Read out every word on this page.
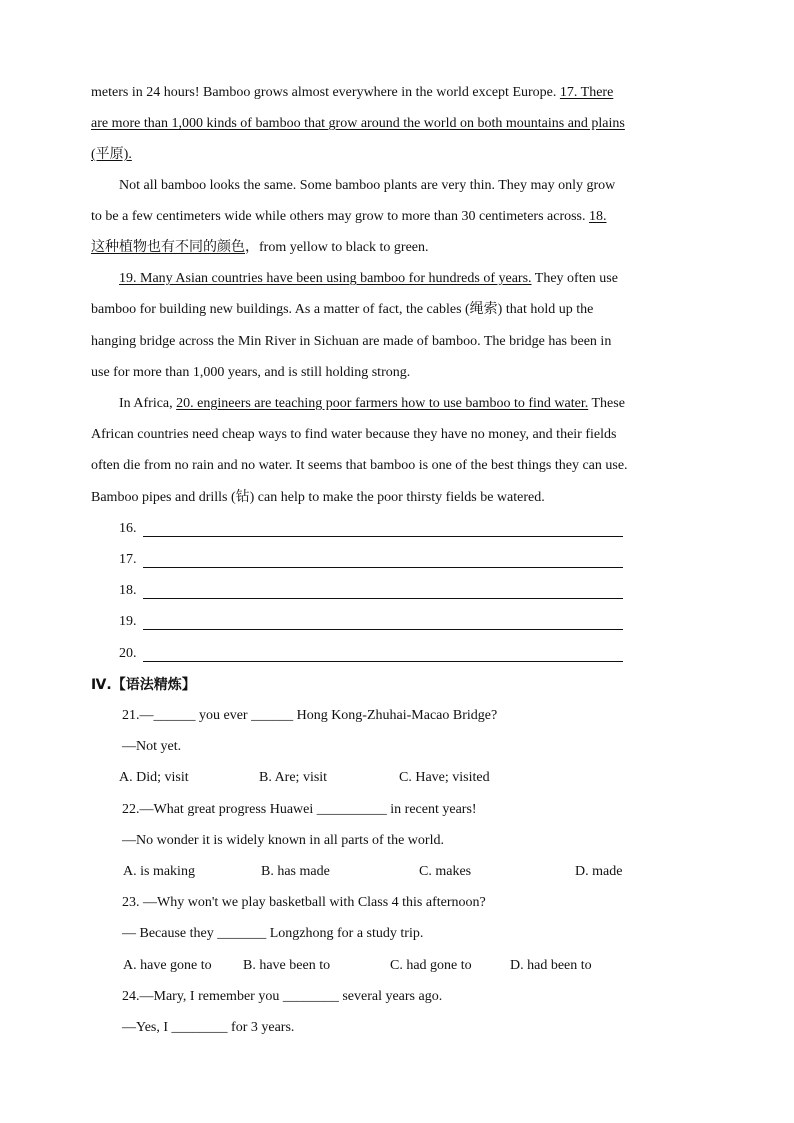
meters in 24 hours! Bamboo grows almost everywhere in the world except Europe. 17. There
are more than 1,000 kinds of bamboo that grow around the world on both mountains and plains
(平原).
Not all bamboo looks the same. Some bamboo plants are very thin. They may only grow
to be a few centimeters wide while others may grow to more than 30 centimeters across. 18.
这种植物也有不同的颜色，from yellow to black to green.
19. Many Asian countries have been using bamboo for hundreds of years. They often use
bamboo for building new buildings. As a matter of fact, the cables (绳索) that hold up the
hanging bridge across the Min River in Sichuan are made of bamboo. The bridge has been in
use for more than 1,000 years, and is still holding strong.
In Africa, 20. engineers are teaching poor farmers how to use bamboo to find water. These
African countries need cheap ways to find water because they have no money, and their fields
often die from no rain and no water. It seems that bamboo is one of the best things they can use.
Bamboo pipes and drills (钻) can help to make the poor thirsty fields be watered.
16.
17.
18.
19.
20.
Ⅳ.【语法精炼】
21.—______ you ever ______ Hong Kong-Zhuhai-Macao Bridge?
—Not yet.
A. Did; visit	B. Are; visit	C. Have; visited
22.—What great progress Huawei __________ in recent years!
—No wonder it is widely known in all parts of the world.
A. is making	B. has made	C. makes	D. made
23. —Why won't we play basketball with Class 4 this afternoon?
— Because they _______ Longzhong for a study trip.
A. have gone to B. have been to	C. had gone to	D. had been to
24.—Mary, I remember you ________ several years ago.
—Yes, I ________ for 3 years.
